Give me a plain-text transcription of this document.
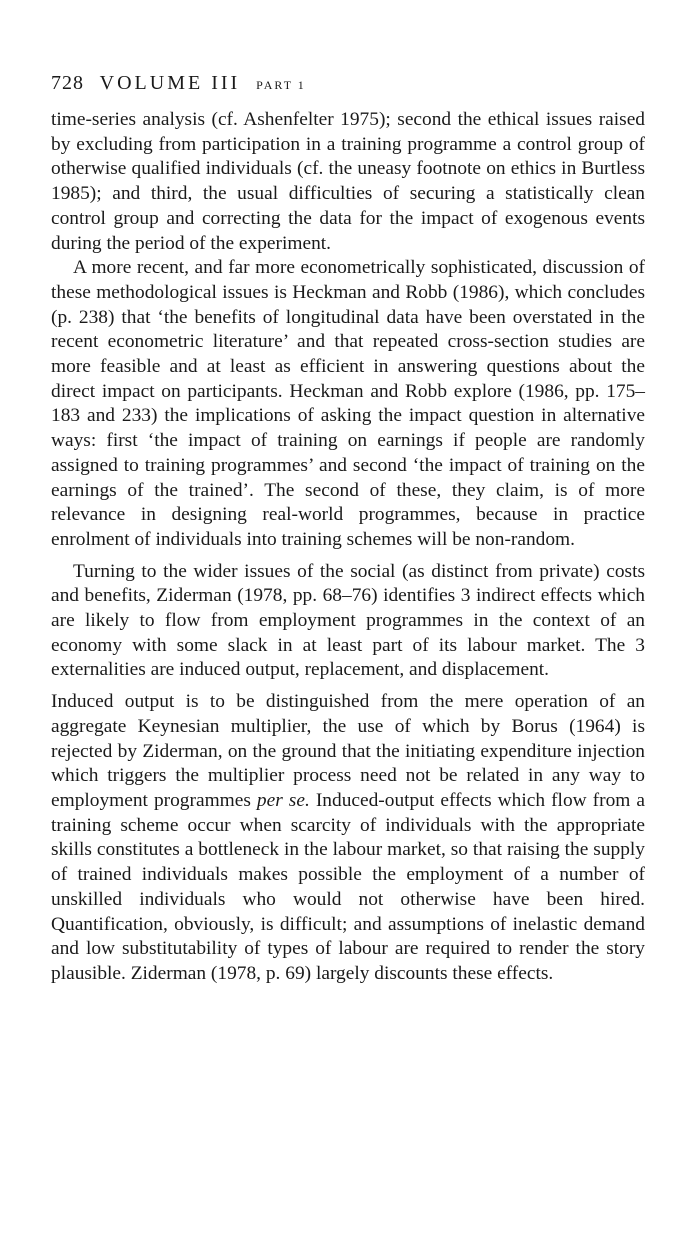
728 VOLUME III PART 1

time-series analysis (cf. Ashenfelter 1975); second the ethical issues raised by excluding from participation in a training programme a control group of otherwise qualified individuals (cf. the uneasy footnote on ethics in Burtless 1985); and third, the usual difficulties of securing a statistically clean control group and correcting the data for the impact of exogenous events during the period of the experiment.

A more recent, and far more econometrically sophisticated, discussion of these methodological issues is Heckman and Robb (1986), which concludes (p. 238) that ‘the benefits of longitudinal data have been overstated in the recent econometric literature’ and that repeated cross-section studies are more feasible and at least as efficient in answering questions about the direct impact on participants. Heckman and Robb explore (1986, pp. 175–183 and 233) the implications of asking the impact question in alternative ways: first ‘the impact of training on earnings if people are randomly assigned to training programmes’ and second ‘the impact of training on the earnings of the trained’. The second of these, they claim, is of more relevance in designing real-world programmes, because in practice enrolment of individuals into training schemes will be non-random.

Turning to the wider issues of the social (as distinct from private) costs and benefits, Ziderman (1978, pp. 68–76) identifies 3 indirect effects which are likely to flow from employment programmes in the context of an economy with some slack in at least part of its labour market. The 3 externalities are induced output, replacement, and displacement.

Induced output is to be distinguished from the mere operation of an aggregate Keynesian multiplier, the use of which by Borus (1964) is rejected by Ziderman, on the ground that the initiating expenditure injection which triggers the multiplier process need not be related in any way to employment programmes per se. Induced-output effects which flow from a training scheme occur when scarcity of individuals with the appropriate skills constitutes a bottleneck in the labour market, so that raising the supply of trained individuals makes possible the employment of a number of unskilled individuals who would not otherwise have been hired. Quantification, obviously, is difficult; and assumptions of inelastic demand and low substitutability of types of labour are required to render the story plausible. Ziderman (1978, p. 69) largely discounts these effects.
